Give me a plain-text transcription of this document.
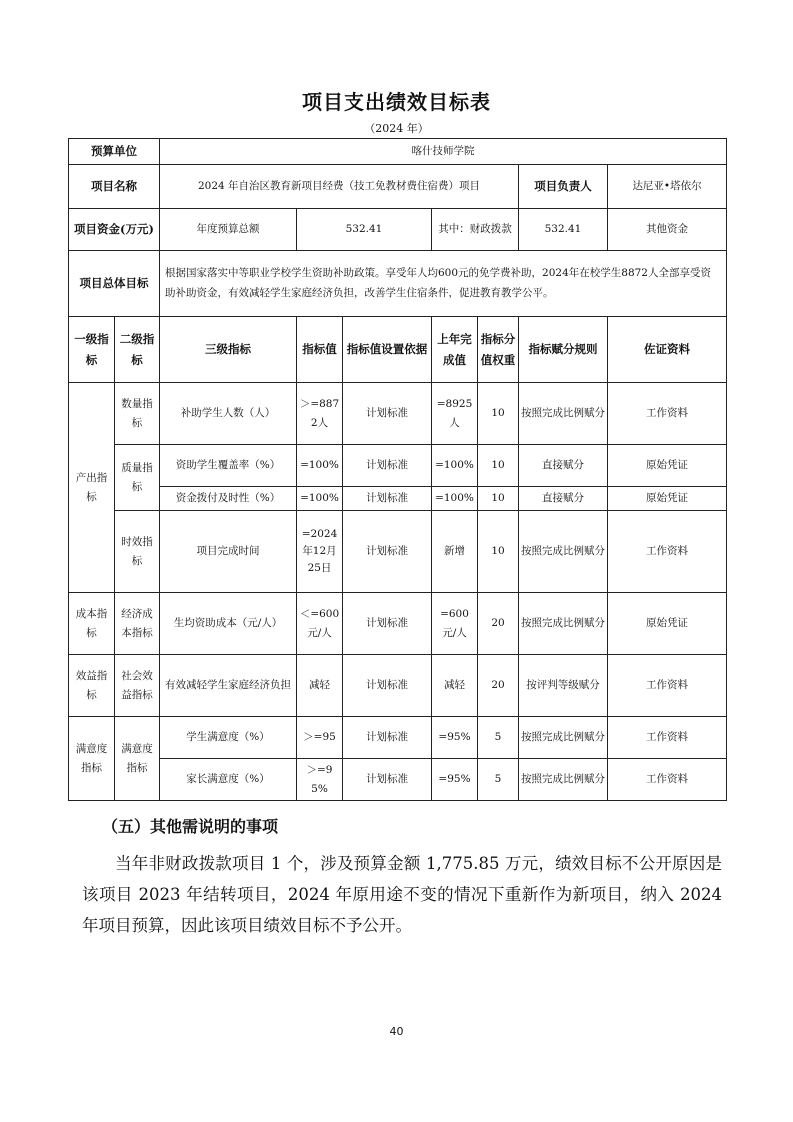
项目支出绩效目标表
（2024 年）
预算单位		喀什技师学院						
项目名称		2024 年自治区教育新项目经费（技工免教材费住宿费）项目					项目负责人	达尼亚•塔依尔
项目资金(万元)		年度预算总额	532.41		其中：财政拨款		532.41	其他资金
项目总体目标		根据国家落实中等职业学校学生资助补助政策。享受年人均600元的免学费补助，2024年在校学生8872人全部享受资助补助资金，有效减轻学生家庭经济负担，改善学生住宿条件，促进教育教学公平。						
一级指标	二级指标	三级指标	指标值	指标值设置依据	上年完成值	指标分值权重	指标赋分规则	佐证资料
产出指标	数量指标	补助学生人数（人）	＞=8872人	计划标准	=8925人	10	按照完成比例赋分	工作资料
	质量指标	资助学生覆盖率（%）	=100%	计划标准	=100%	10	直接赋分	原始凭证
		资金拨付及时性（%）	=100%	计划标准	=100%	10	直接赋分	原始凭证
	时效指标	项目完成时间	=2024年12月25日	计划标准	新增	10	按照完成比例赋分	工作资料
成本指标	经济成本指标	生均资助成本（元/人）	＜=600元/人	计划标准	=600元/人	20	按照完成比例赋分	原始凭证
效益指标	社会效益指标	有效减轻学生家庭经济负担	减轻	计划标准	减轻	20	按评判等级赋分	工作资料
满意度指标	满意度指标	学生满意度（%）	＞=95	计划标准	=95%	5	按照完成比例赋分	工作资料
		家长满意度（%）	＞=95%	计划标准	=95%	5	按照完成比例赋分	工作资料
（五）其他需说明的事项
当年非财政拨款项目 1 个，涉及预算金额 1,775.85 万元，绩效目标不公开原因是该项目 2023 年结转项目，2024 年原用途不变的情况下重新作为新项目，纳入 2024 年项目预算，因此该项目绩效目标不予公开。
40
